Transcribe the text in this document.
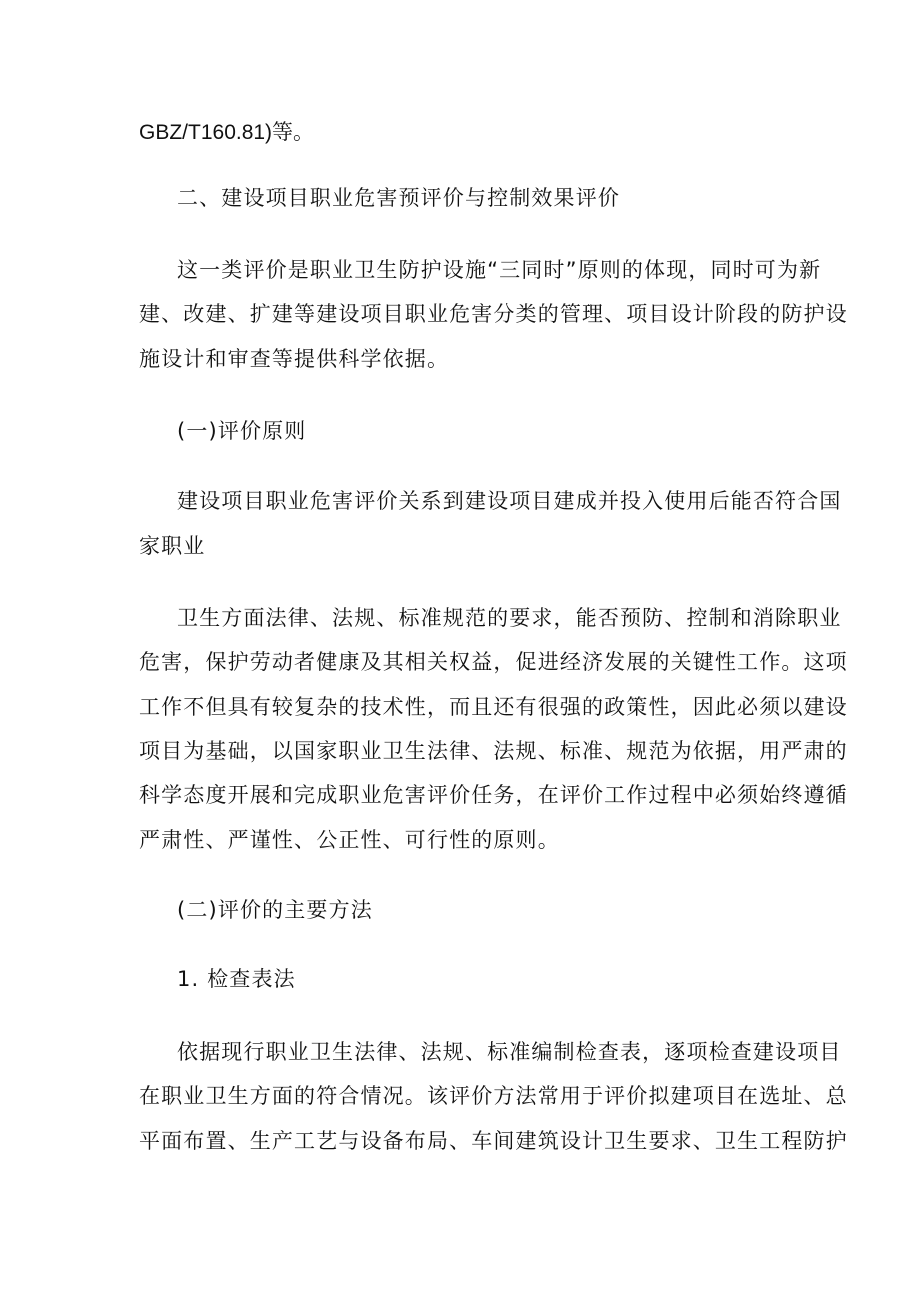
GBZ/T160.81)等。
二、建设项目职业危害预评价与控制效果评价
这一类评价是职业卫生防护设施“三同时”原则的体现，同时可为新
建、改建、扩建等建设项目职业危害分类的管理、项目设计阶段的防护设
施设计和审查等提供科学依据。
(一)评价原则
建设项目职业危害评价关系到建设项目建成并投入使用后能否符合国
家职业
卫生方面法律、法规、标准规范的要求，能否预防、控制和消除职业
危害，保护劳动者健康及其相关权益，促进经济发展的关键性工作。这项
工作不但具有较复杂的技术性，而且还有很强的政策性，因此必须以建设
项目为基础，以国家职业卫生法律、法规、标准、规范为依据，用严肃的
科学态度开展和完成职业危害评价任务，在评价工作过程中必须始终遵循
严肃性、严谨性、公正性、可行性的原则。
(二)评价的主要方法
1. 检查表法
依据现行职业卫生法律、法规、标准编制检查表，逐项检查建设项目
在职业卫生方面的符合情况。该评价方法常用于评价拟建项目在选址、总
平面布置、生产工艺与设备布局、车间建筑设计卫生要求、卫生工程防护
